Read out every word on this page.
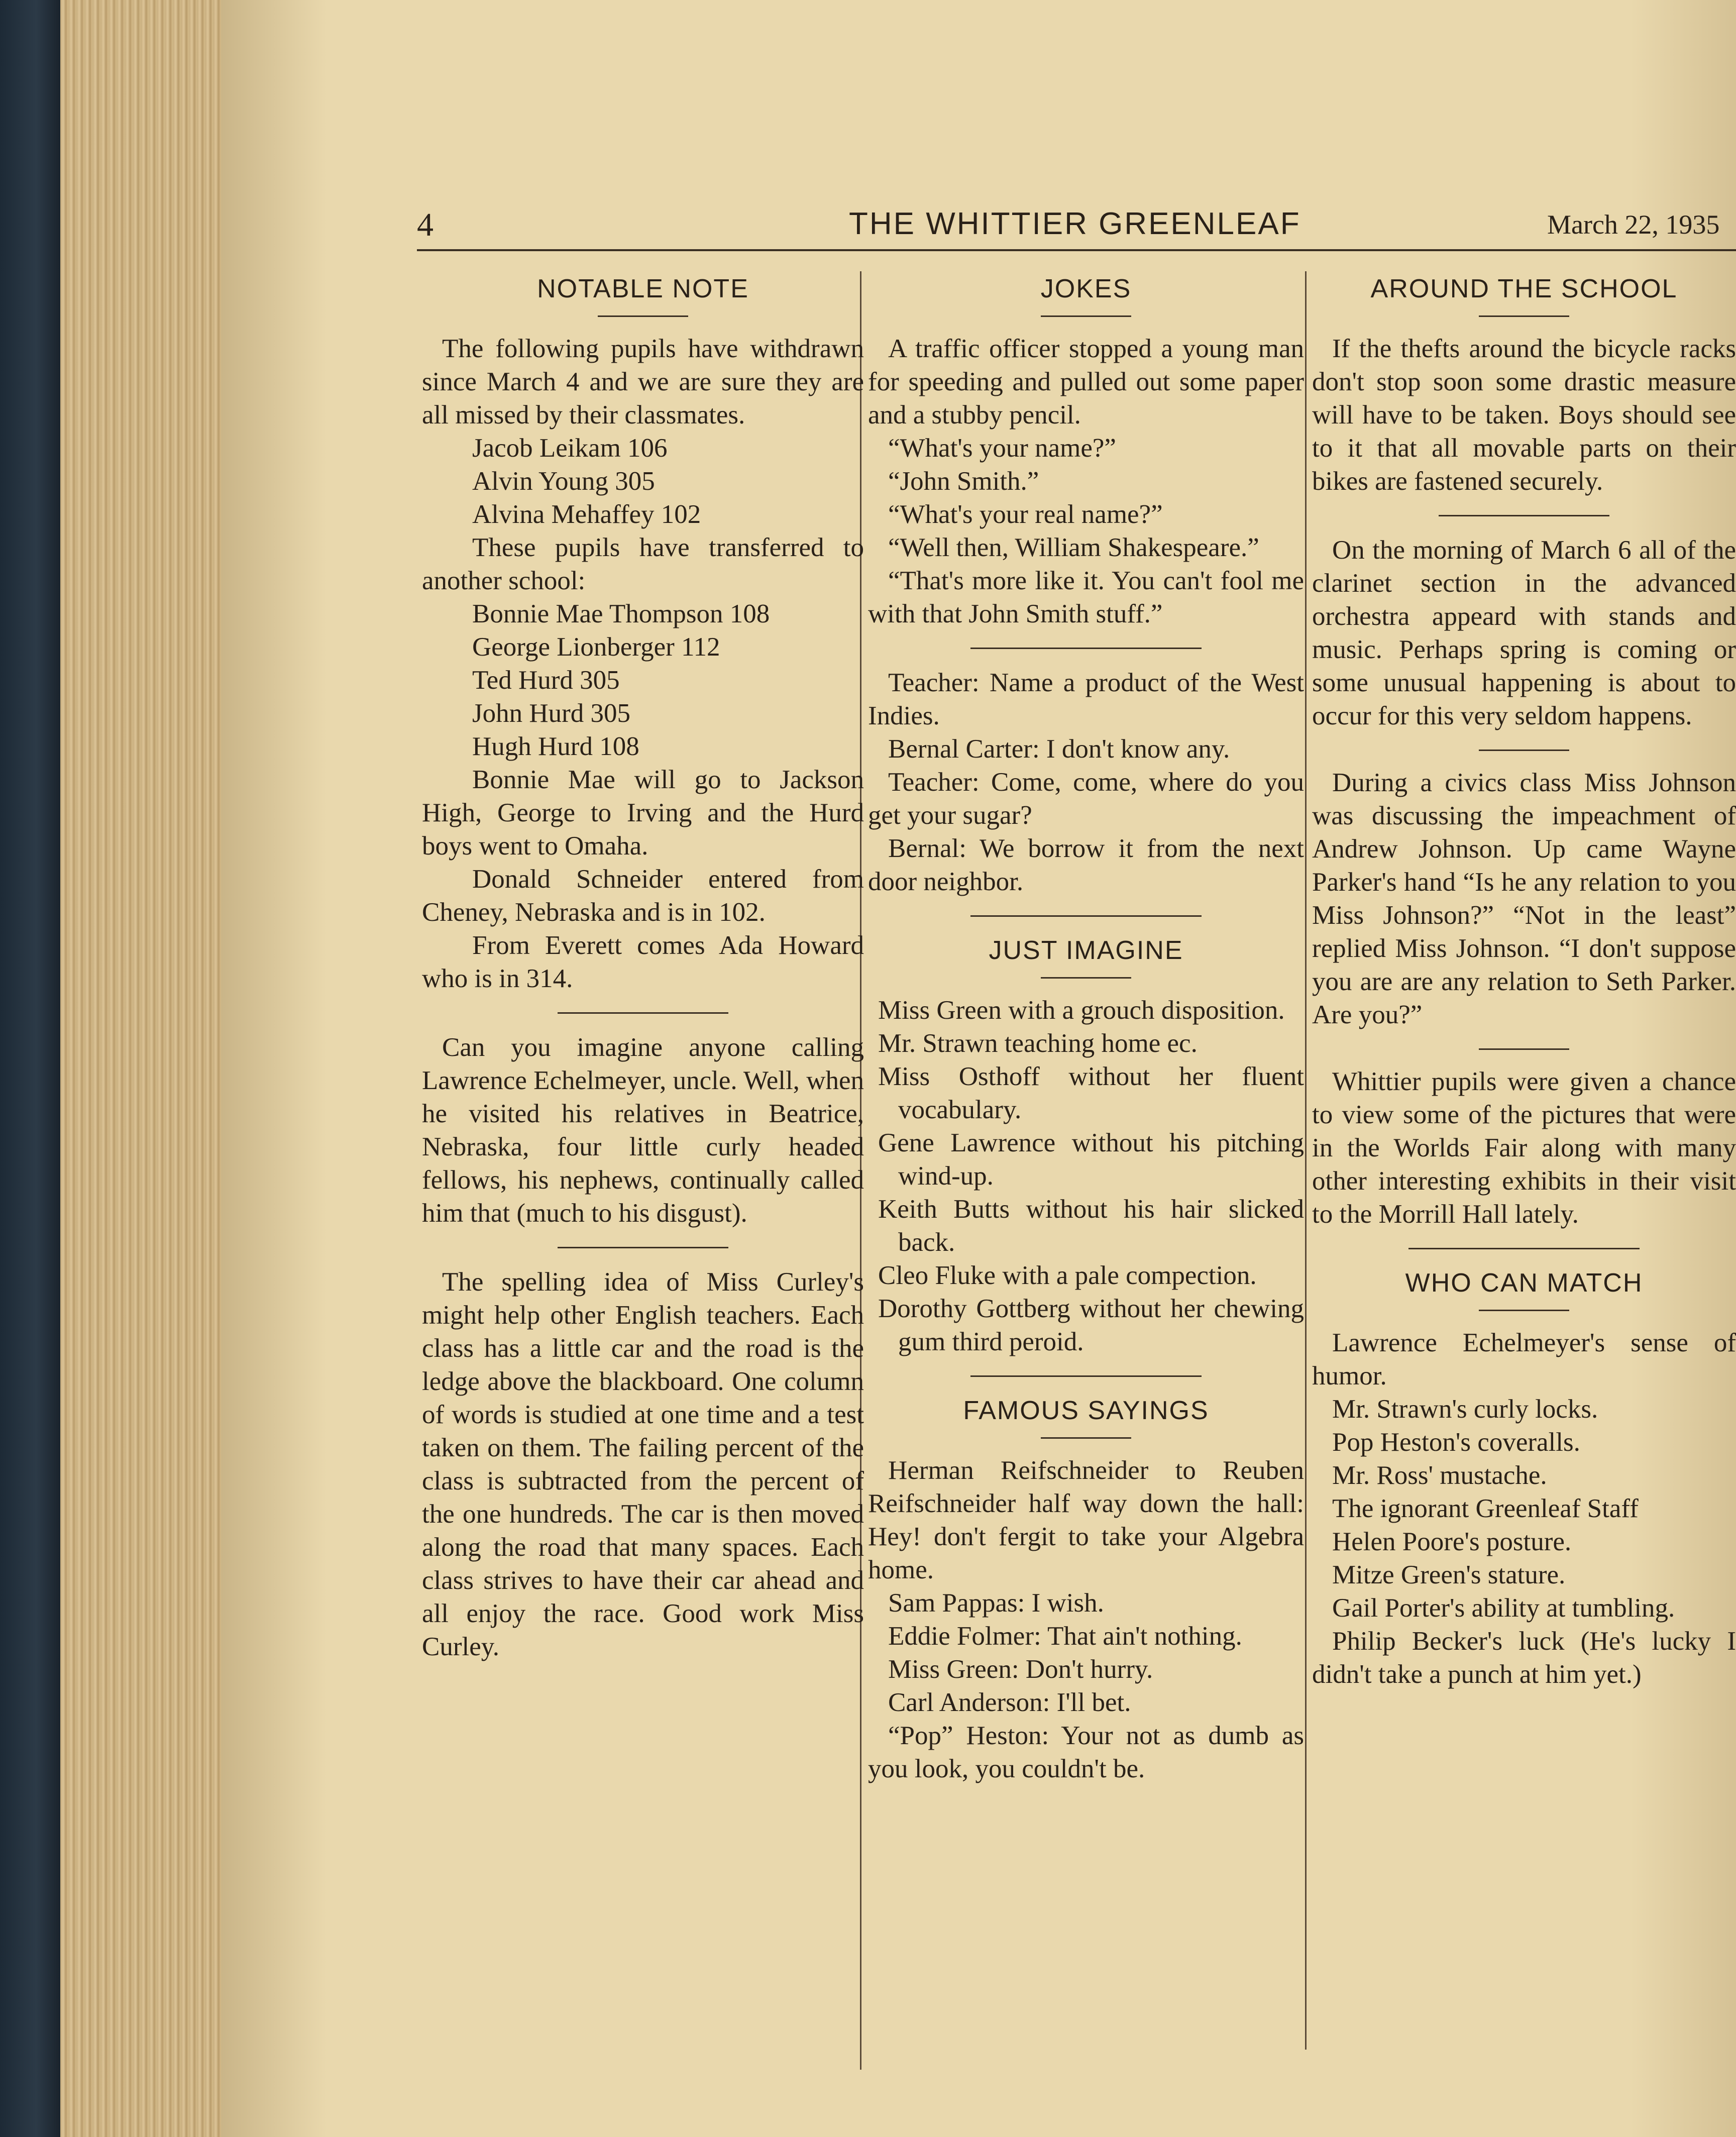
4	THE WHITTIER GREENLEAF	March 22, 1935
NOTABLE NOTE

The following pupils have withdrawn since March 4 and we are sure they are all missed by their classmates.

Jacob Leikam 106

Alvin Young 305

Alvina Mehaffey 102

These pupils have transferred to another school:

Bonnie Mae Thompson 108

George Lionberger 112

Ted Hurd 305

John Hurd 305

Hugh Hurd 108

Bonnie Mae will go to Jackson High, George to Irving and the Hurd boys went to Omaha.

Donald Schneider entered from Cheney, Nebraska and is in 102.

From Everett comes Ada Howard who is in 314.

Can you imagine anyone calling Lawrence Echelmeyer, uncle. Well, when he visited his relatives in Beatrice, Nebraska, four little curly headed fellows, his nephews, continually called him that (much to his disgust).

The spelling idea of Miss Curley's might help other English teachers. Each class has a little car and the road is the ledge above the blackboard. One column of words is studied at one time and a test taken on them. The failing percent of the class is subtracted from the percent of the one hundreds. The car is then moved along the road that many spaces. Each class strives to have their car ahead and all enjoy the race. Good work Miss Curley.

JOKES

A traffic officer stopped a young man for speeding and pulled out some paper and a stubby pencil.

“What's your name?”

“John Smith.”

“What's your real name?”

“Well then, William Shakespeare.”

“That's more like it. You can't fool me with that John Smith stuff.”

Teacher: Name a product of the West Indies.

Bernal Carter: I don't know any.

Teacher: Come, come, where do you get your sugar?

Bernal: We borrow it from the next door neighbor.

JUST IMAGINE

Miss Green with a grouch disposition.

Mr. Strawn teaching home ec.

Miss Osthoff without her fluent vocabulary.

Gene Lawrence without his pitching wind-up.

Keith Butts without his hair slicked back.

Cleo Fluke with a pale compection.

Dorothy Gottberg without her chewing gum third peroid.

FAMOUS SAYINGS

Herman Reifschneider to Reuben Reifschneider half way down the hall: Hey! don't fergit to take your Algebra home.

Sam Pappas: I wish.

Eddie Folmer: That ain't nothing.

Miss Green: Don't hurry.

Carl Anderson: I'll bet.

“Pop” Heston: Your not as dumb as you look, you couldn't be.

AROUND THE SCHOOL

If the thefts around the bicycle racks don't stop soon some drastic measure will have to be taken. Boys should see to it that all movable parts on their bikes are fastened securely.

On the morning of March 6 all of the clarinet section in the advanced orchestra appeard with stands and music. Perhaps spring is coming or some unusual happening is about to occur for this very seldom happens.

During a civics class Miss Johnson was discussing the impeachment of Andrew Johnson. Up came Wayne Parker's hand “Is he any relation to you Miss Johnson?” “Not in the least” replied Miss Johnson. “I don't suppose you are are any relation to Seth Parker. Are you?”

Whittier pupils were given a chance to view some of the pictures that were in the Worlds Fair along with many other interesting exhibits in their visit to the Morrill Hall lately.

WHO CAN MATCH

Lawrence Echelmeyer's sense of humor.

Mr. Strawn's curly locks.

Pop Heston's coveralls.

Mr. Ross' mustache.

The ignorant Greenleaf Staff

Helen Poore's posture.

Mitze Green's stature.

Gail Porter's ability at tumbling.

Philip Becker's luck (He's lucky I didn't take a punch at him yet.)
